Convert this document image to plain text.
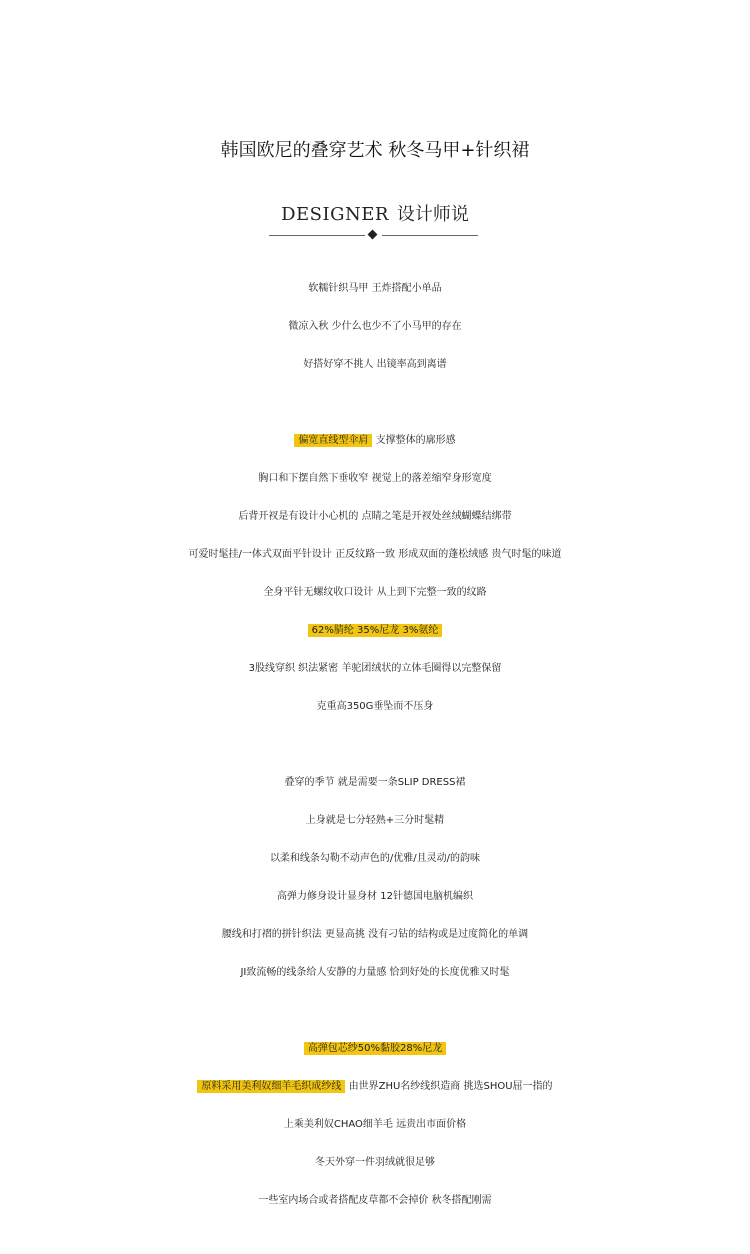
韩国欧尼的叠穿艺术 秋冬马甲+针织裙
DESIGNER 设计师说
软糯针织马甲 王炸搭配小单品
微凉入秋 少什么也少不了小马甲的存在
好搭好穿不挑人 出镜率高到离谱
偏宽直线型伞肩 支撑整体的廓形感
胸口和下摆自然下垂收窄 视觉上的落差缩窄身形宽度
后背开衩是有设计小心机的 点睛之笔是开衩处丝绒蝴蝶结绑带
可爱时髦挂/一体式双面平针设计 正反纹路一致 形成双面的蓬松绒感 贵气时髦的味道
全身平针无螺纹收口设计 从上到下完整一致的纹路
62%腈纶 35%尼龙 3%氨纶
3股线穿织 织法紧密 羊驼团绒状的立体毛圈得以完整保留
克重高350G垂坠而不压身
叠穿的季节 就是需要一条SLIP DRESS裙
上身就是七分轻熟+三分时髦精
以柔和线条勾勒不动声色的/优雅/且灵动/的韵味
高弹力修身设计显身材 12针德国电脑机编织
腰线和打褶的拼针织法 更显高挑 没有刁钻的结构或是过度简化的单调
JI致流畅的线条给人安静的力量感 恰到好处的长度优雅又时髦
高弹包芯纱50%黏胶28%尼龙
原料采用美利奴细羊毛织成纱线 由世界ZHU名纱线织造商 挑选SHOU屈一指的
上乘美利奴CHAO细羊毛 远贵出市面价格
冬天外穿一件羽绒就很足够
一些室内场合或者搭配皮草都不会掉价 秋冬搭配刚需
